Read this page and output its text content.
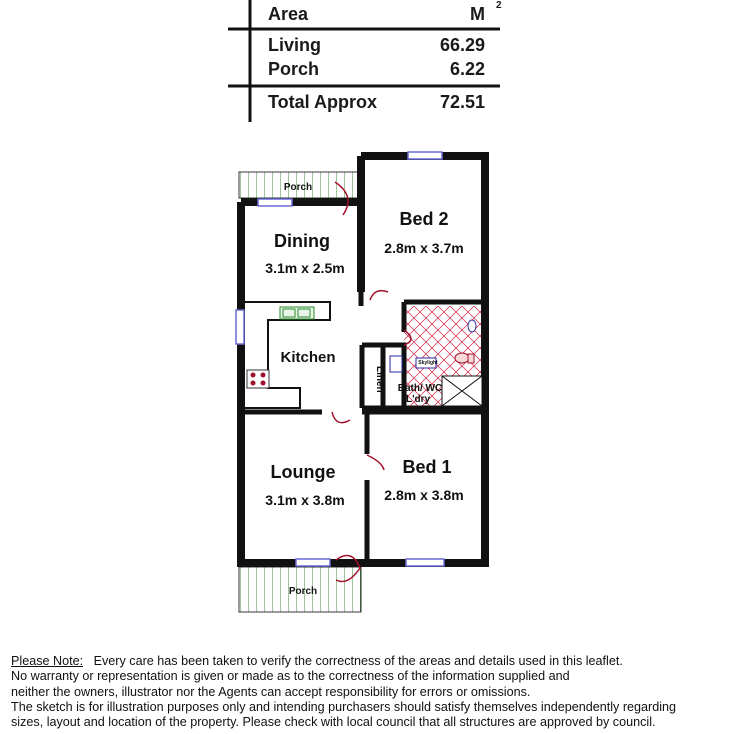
Area	M 2
Living	66.29
Porch	6.22
Total Approx	72.51
Porch
Dining
3.1m x 2.5m
Bed 2
2.8m x 3.7m
Kitchen
Linen
Skylight
Bath/ WC
L'dry
Lounge
3.1m x 3.8m
Bed 1
2.8m x 3.8m
Porch
Please Note: Every care has been taken to verify the correctness of the areas and details used in this leaflet.
No warranty or representation is given or made as to the correctness of the information supplied and
neither the owners, illustrator nor the Agents can accept responsibility for errors or omissions.
The sketch is for illustration purposes only and intending purchasers should satisfy themselves independently regarding
sizes, layout and location of the property. Please check with local council that all structures are approved by council.
